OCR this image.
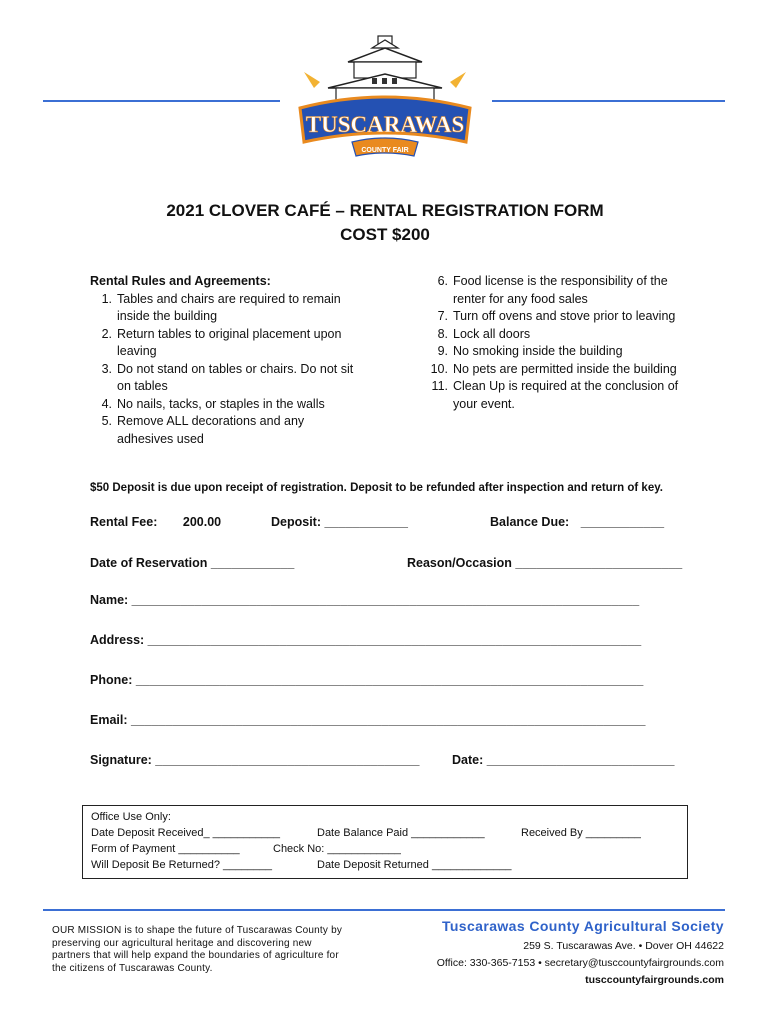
TUSCARAWAS
COUNTY FAIR
2021 CLOVER CAFÉ – RENTAL REGISTRATION FORM
COST $200
Rental Rules and Agreements:
1. Tables and chairs are required to remain inside the building
2. Return tables to original placement upon leaving
3. Do not stand on tables or chairs. Do not sit on tables
4. No nails, tacks, or staples in the walls
5. Remove ALL decorations and any adhesives used
6. Food license is the responsibility of the renter for any food sales
7. Turn off ovens and stove prior to leaving
8. Lock all doors
9. No smoking inside the building
10. No pets are permitted inside the building
11. Clean Up is required at the conclusion of your event.
$50 Deposit is due upon receipt of registration. Deposit to be refunded after inspection and return of key.
Rental Fee: 200.00	Deposit: ____________	Balance Due: ____________
Date of Reservation ____________	Reason/Occasion ________________________
Name: _________________________________________________________________________
Address: _______________________________________________________________________
Phone: _________________________________________________________________________
Email: __________________________________________________________________________
Signature: ______________________________________	Date: ___________________________
Office Use Only:
Date Deposit Received_ ___________	Date Balance Paid ____________	Received By _________
Form of Payment __________	Check No: ____________
Will Deposit Be Returned? ________	Date Deposit Returned _____________
OUR MISSION is to shape the future of Tuscarawas County by preserving our agricultural heritage and discovering new partners that will help expand the boundaries of agriculture for the citizens of Tuscarawas County.
Tuscarawas County Agricultural Society
259 S. Tuscarawas Ave. • Dover OH 44622
Office: 330-365-7153 • secretary@tusccountyfairgrounds.com
tusccountyfairgrounds.com
